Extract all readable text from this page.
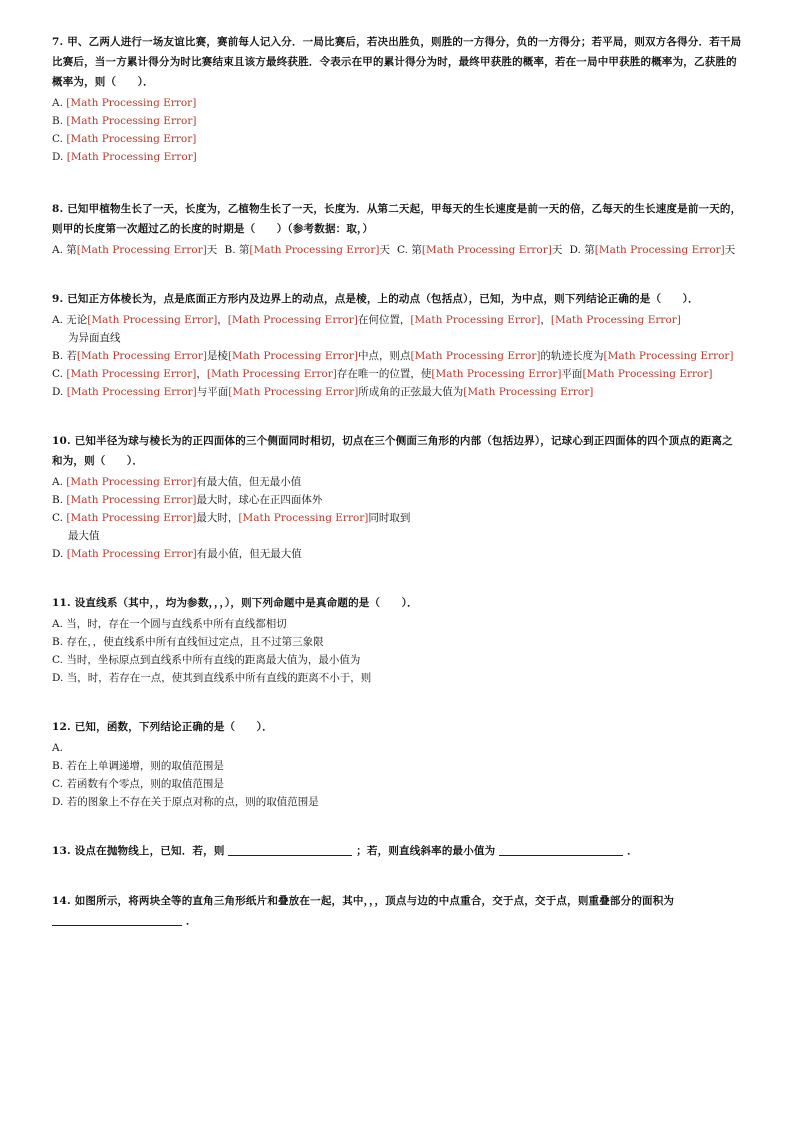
7. 甲、乙两人进行一场友谊比赛，赛前每人记入分．一局比赛后，若决出胜负，则胜的一方得分，负的一方得分；若平局，则双方各得分．若干局比赛后，当一方累计得分为时比赛结束且该方最终获胜．令表示在甲的累计得分为时，最终甲获胜的概率，若在一局中甲获胜的概率为，乙获胜的概率为，则（　　）．

A. [Math Processing Error]
B. [Math Processing Error]
C. [Math Processing Error]
D. [Math Processing Error]

8. 已知甲植物生长了一天，长度为，乙植物生长了一天，长度为．从第二天起，甲每天的生长速度是前一天的倍，乙每天的生长速度是前一天的，则甲的长度第一次超过乙的长度的时期是（　　）（参考数据：取，）

A. 第[Math Processing Error]天 B. 第[Math Processing Error]天 C. 第[Math Processing Error]天 D. 第[Math Processing Error]天

9. 已知正方体棱长为，点是底面正方形内及边界上的动点，点是棱，上的动点（包括点），已知，为中点，则下列结论正确的是（　　）．

A. 无论[Math Processing Error]，[Math Processing Error]在何位置，[Math Processing Error]，[Math Processing Error]
为异面直线
B. 若[Math Processing Error]是棱[Math Processing Error]中点，则点[Math Processing Error]的轨迹长度为[Math Processing Error]
C. [Math Processing Error]，[Math Processing Error]存在唯一的位置，使[Math Processing Error]平面[Math Processing Error]
D. [Math Processing Error]与平面[Math Processing Error]所成角的正弦最大值为[Math Processing Error]

10. 已知半径为球与棱长为的正四面体的三个侧面同时相切，切点在三个侧面三角形的内部（包括边界），记球心到正四面体的四个顶点的距离之和为，则（　　）．

A. [Math Processing Error]有最大值，但无最小值
B. [Math Processing Error]最大时，球心在正四面体外
C. [Math Processing Error]最大时，[Math Processing Error]同时取到最大值
D. [Math Processing Error]有最小值，但无最大值

11. 设直线系（其中，，均为参数，，，），则下列命题中是真命题的是（　　）．

A. 当，时，存在一个圆与直线系中所有直线都相切
B. 存在，，使直线系中所有直线恒过定点，且不过第三象限
C. 当时，坐标原点到直线系中所有直线的距离最大值为，最小值为
D. 当，时，若存在一点，使其到直线系中所有直线的距离不小于，则

12. 已知，函数，下列结论正确的是（　　）．

A.
B. 若在上单调递增，则的取值范围是
C. 若函数有个零点，则的取值范围是
D. 若的图象上不存在关于原点对称的点，则的取值范围是

13. 设点在抛物线上，已知．若，则	；若，则直线斜率的最小值为	．

14. 如图所示，将两块全等的直角三角形纸片和叠放在一起，其中，，，顶点与边的中点重合，交于点，交于点，则重叠部分的面积为  ．
